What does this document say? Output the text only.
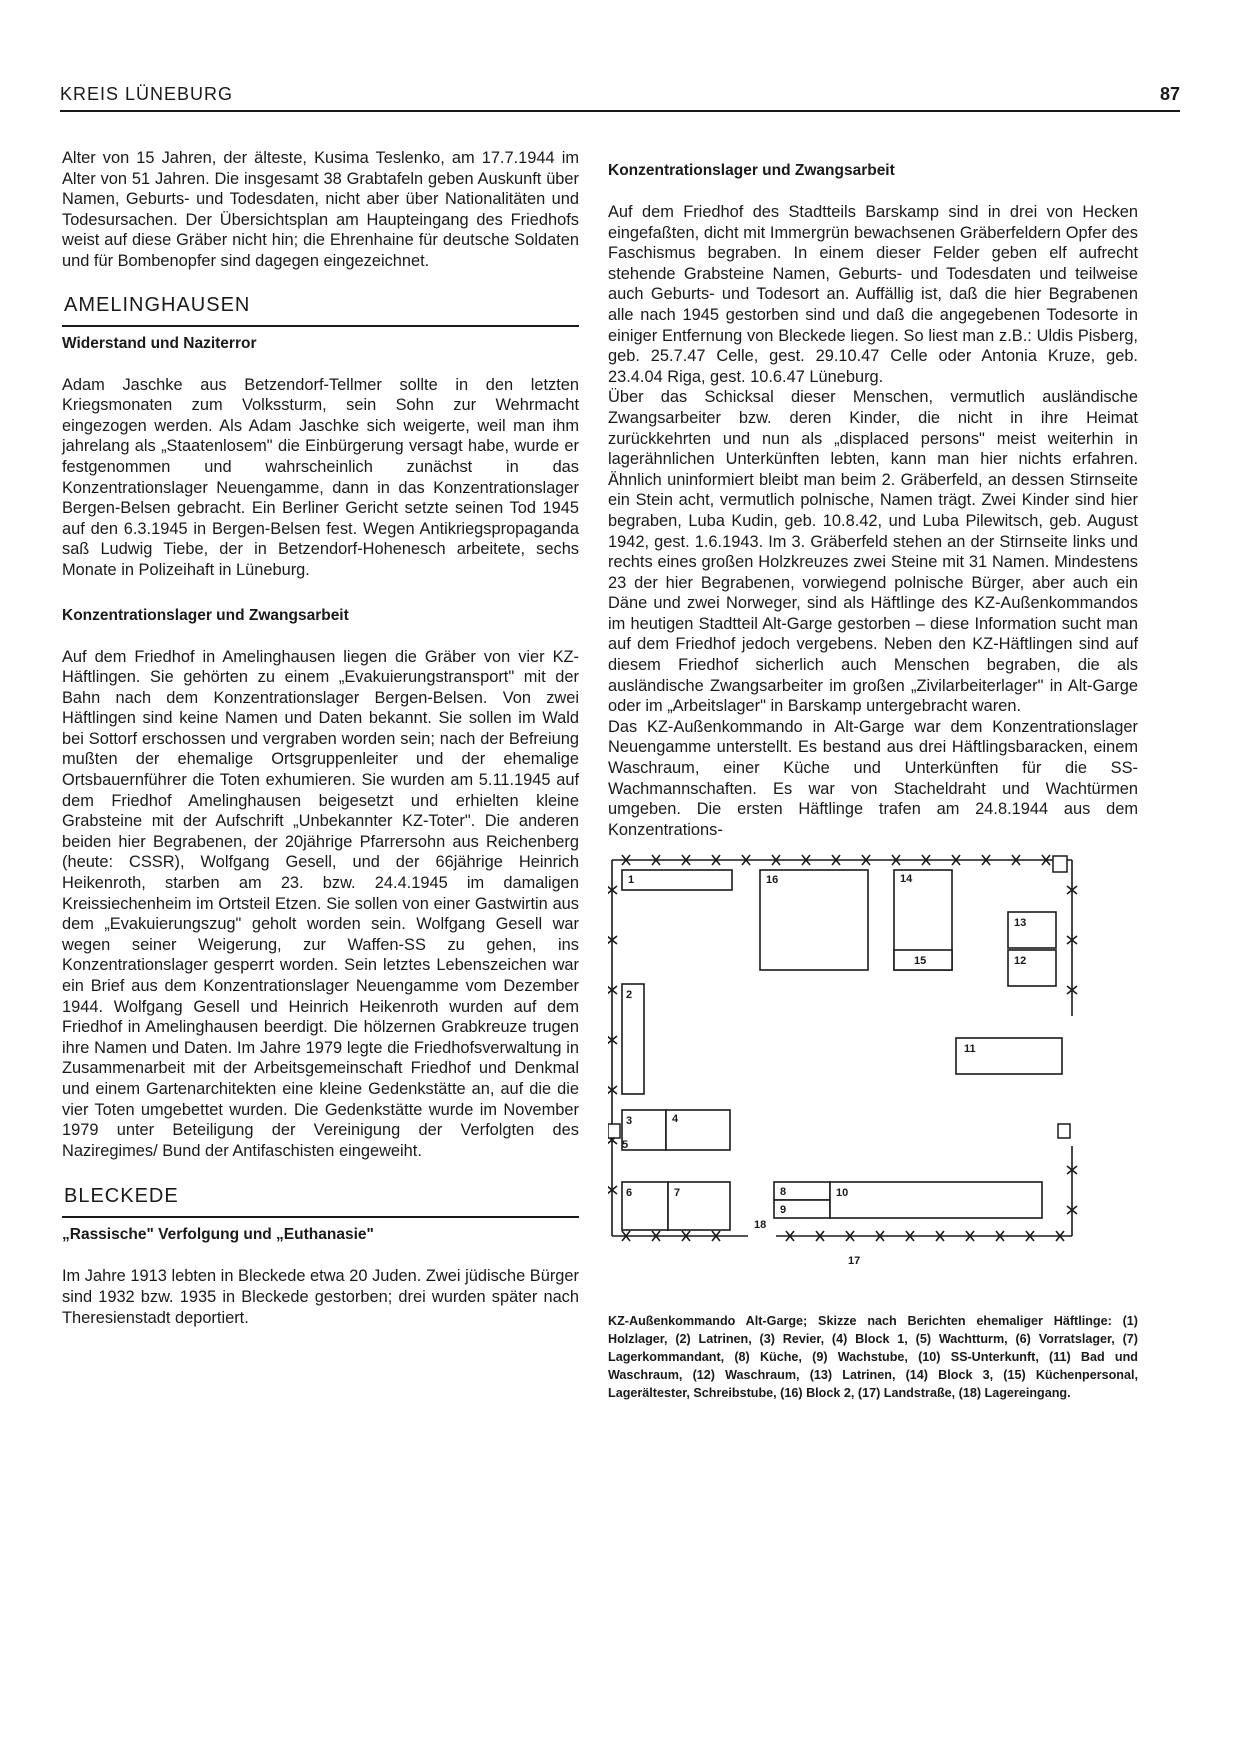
KREIS LÜNEBURG	87

Alter von 15 Jahren, der älteste, Kusima Teslenko, am 17.7.1944 im Alter von 51 Jahren. Die insgesamt 38 Grabtafeln geben Auskunft über Namen, Geburts- und Todesdaten, nicht aber über Nationalitäten und Todesursachen. Der Übersichtsplan am Haupteingang des Friedhofs weist auf diese Gräber nicht hin; die Ehrenhaine für deutsche Soldaten und für Bombenopfer sind dagegen eingezeichnet.

AMELINGHAUSEN
Widerstand und Naziterror

Adam Jaschke aus Betzendorf-Tellmer sollte in den letzten Kriegsmonaten zum Volkssturm, sein Sohn zur Wehrmacht eingezogen werden. Als Adam Jaschke sich weigerte, weil man ihm jahrelang als „Staatenlosem" die Einbürgerung versagt habe, wurde er festgenommen und wahrscheinlich zunächst in das Konzentrationslager Neuengamme, dann in das Konzentrationslager Bergen-Belsen gebracht. Ein Berliner Gericht setzte seinen Tod 1945 auf den 6.3.1945 in Bergen-Belsen fest. Wegen Antikriegspropaganda saß Ludwig Tiebe, der in Betzendorf-Hohenesch arbeitete, sechs Monate in Polizeihaft in Lüneburg.

Konzentrationslager und Zwangsarbeit

Auf dem Friedhof in Amelinghausen liegen die Gräber von vier KZ-Häftlingen. Sie gehörten zu einem „Evakuierungstransport" mit der Bahn nach dem Konzentrationslager Bergen-Belsen. Von zwei Häftlingen sind keine Namen und Daten bekannt. Sie sollen im Wald bei Sottorf erschossen und vergraben worden sein; nach der Befreiung mußten der ehemalige Ortsgruppenleiter und der ehemalige Ortsbauernführer die Toten exhumieren. Sie wurden am 5.11.1945 auf dem Friedhof Amelinghausen beigesetzt und erhielten kleine Grabsteine mit der Aufschrift „Unbekannter KZ-Toter". Die anderen beiden hier Begrabenen, der 20jährige Pfarrersohn aus Reichenberg (heute: CSSR), Wolfgang Gesell, und der 66jährige Heinrich Heikenroth, starben am 23. bzw. 24.4.1945 im damaligen Kreissiechenheim im Ortsteil Etzen. Sie sollen von einer Gastwirtin aus dem „Evakuierungszug" geholt worden sein. Wolfgang Gesell war wegen seiner Weigerung, zur Waffen-SS zu gehen, ins Konzentrationslager gesperrt worden. Sein letztes Lebenszeichen war ein Brief aus dem Konzentrationslager Neuengamme vom Dezember 1944. Wolfgang Gesell und Heinrich Heikenroth wurden auf dem Friedhof in Amelinghausen beerdigt. Die hölzernen Grabkreuze trugen ihre Namen und Daten. Im Jahre 1979 legte die Friedhofsverwaltung in Zusammenarbeit mit der Arbeitsgemeinschaft Friedhof und Denkmal und einem Gartenarchitekten eine kleine Gedenkstätte an, auf die die vier Toten umgebettet wurden. Die Gedenkstätte wurde im November 1979 unter Beteiligung der Vereinigung der Verfolgten des Naziregimes/ Bund der Antifaschisten eingeweiht.

BLECKEDE
„Rassische" Verfolgung und „Euthanasie"

Im Jahre 1913 lebten in Bleckede etwa 20 Juden. Zwei jüdische Bürger sind 1932 bzw. 1935 in Bleckede gestorben; drei wurden später nach Theresienstadt deportiert.

Konzentrationslager und Zwangsarbeit

Auf dem Friedhof des Stadtteils Barskamp sind in drei von Hecken eingefaßten, dicht mit Immergrün bewachsenen Gräberfeldern Opfer des Faschismus begraben. In einem dieser Felder geben elf aufrecht stehende Grabsteine Namen, Geburts- und Todesdaten und teilweise auch Geburts- und Todesort an. Auffällig ist, daß die hier Begrabenen alle nach 1945 gestorben sind und daß die angegebenen Todesorte in einiger Entfernung von Bleckede liegen. So liest man z.B.: Uldis Pisberg, geb. 25.7.47 Celle, gest. 29.10.47 Celle oder Antonia Kruze, geb. 23.4.04 Riga, gest. 10.6.47 Lüneburg.

Über das Schicksal dieser Menschen, vermutlich ausländische Zwangsarbeiter bzw. deren Kinder, die nicht in ihre Heimat zurückkehrten und nun als „displaced persons" meist weiterhin in lagerähnlichen Unterkünften lebten, kann man hier nichts erfahren. Ähnlich uninformiert bleibt man beim 2. Gräberfeld, an dessen Stirnseite ein Stein acht, vermutlich polnische, Namen trägt. Zwei Kinder sind hier begraben, Luba Kudin, geb. 10.8.42, und Luba Pilewitsch, geb. August 1942, gest. 1.6.1943. Im 3. Gräberfeld stehen an der Stirnseite links und rechts eines großen Holzkreuzes zwei Steine mit 31 Namen. Mindestens 23 der hier Begrabenen, vorwiegend polnische Bürger, aber auch ein Däne und zwei Norweger, sind als Häftlinge des KZ-Außenkommandos im heutigen Stadtteil Alt-Garge gestorben – diese Information sucht man auf dem Friedhof jedoch vergebens. Neben den KZ-Häftlingen sind auf diesem Friedhof sicherlich auch Menschen begraben, die als ausländische Zwangsarbeiter im großen „Zivilarbeiterlager" in Alt-Garge oder im „Arbeitslager" in Barskamp untergebracht waren.

Das KZ-Außenkommando in Alt-Garge war dem Konzentrationslager Neuengamme unterstellt. Es bestand aus drei Häftlingsbaracken, einem Waschraum, einer Küche und Unterkünften für die SS-Wachmannschaften. Es war von Stacheldraht und Wachtürmen umgeben. Die ersten Häftlinge trafen am 24.8.1944 aus dem Konzentrations-

1
2
3	4
5
6	7	8
9
10
11
12
13
14
15
16
17
18
KZ-Außenkommando Alt-Garge; Skizze nach Berichten ehemaliger Häftlinge: (1) Holzlager, (2) Latrinen, (3) Revier, (4) Block 1, (5) Wachtturm, (6) Vorratslager, (7) Lagerkommandant, (8) Küche, (9) Wachstube, (10) SS-Unterkunft, (11) Bad und Waschraum, (12) Waschraum, (13) Latrinen, (14) Block 3, (15) Küchenpersonal, Lagerältester, Schreibstube, (16) Block 2, (17) Landstraße, (18) Lagereingang.
